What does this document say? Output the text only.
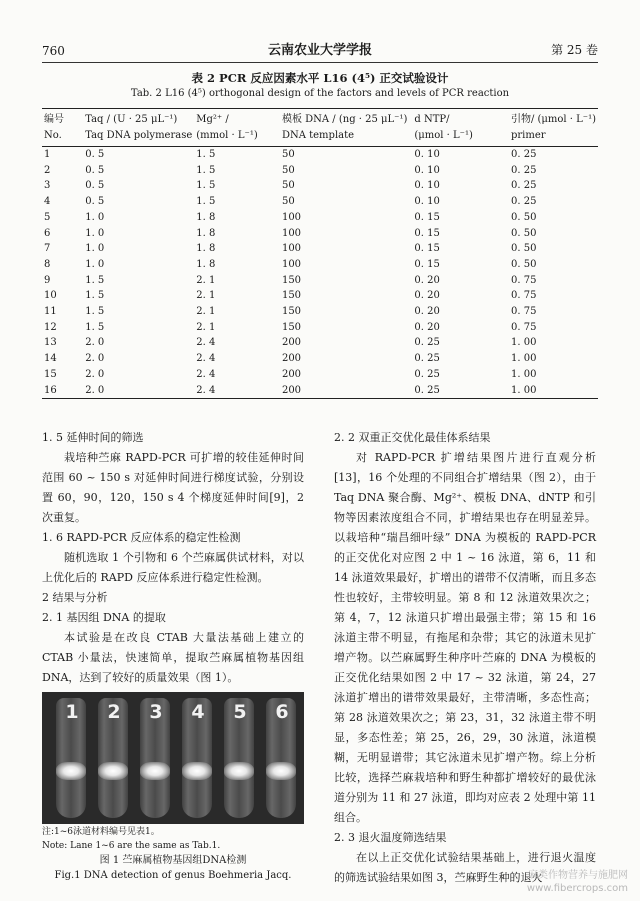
760	云南农业大学学报	第 25 卷
表 2 PCR 反应因素水平 L16 (4⁵) 正交试验设计
Tab. 2 L16 (4⁵) orthogonal design of the factors and levels of PCR reaction
编号	Taq / (U · 25 μL⁻¹)	Mg²⁺ /	模板 DNA / (ng · 25 μL⁻¹)	d NTP/	引物/ (μmol · L⁻¹)
No.	Taq DNA polymerase	(mmol · L⁻¹)	DNA template	(μmol · L⁻¹)	primer
1	0. 5	1. 5	50	0. 10	0. 25
2	0. 5	1. 5	50	0. 10	0. 25
3	0. 5	1. 5	50	0. 10	0. 25
4	0. 5	1. 5	50	0. 10	0. 25
5	1. 0	1. 8	100	0. 15	0. 50
6	1. 0	1. 8	100	0. 15	0. 50
7	1. 0	1. 8	100	0. 15	0. 50
8	1. 0	1. 8	100	0. 15	0. 50
9	1. 5	2. 1	150	0. 20	0. 75
10	1. 5	2. 1	150	0. 20	0. 75
11	1. 5	2. 1	150	0. 20	0. 75
12	1. 5	2. 1	150	0. 20	0. 75
13	2. 0	2. 4	200	0. 25	1. 00
14	2. 0	2. 4	200	0. 25	1. 00
15	2. 0	2. 4	200	0. 25	1. 00
16	2. 0	2. 4	200	0. 25	1. 00
1. 5 延伸时间的筛选

栽培种苎麻 RAPD-PCR 可扩增的较佳延伸时间范围 60 ~ 150 s 对延伸时间进行梯度试验，分别设置 60，90，120，150 s 4 个梯度延伸时间[9]，2 次重复。

1. 6 RAPD-PCR 反应体系的稳定性检测

随机选取 1 个引物和 6 个苎麻属供试材料，对以上优化后的 RAPD 反应体系进行稳定性检测。

2 结果与分析
2. 1 基因组 DNA 的提取

本试验是在改良 CTAB 大量法基础上建立的 CTAB 小量法，快速简单，提取苎麻属植物基因组 DNA，达到了较好的质量效果（图 1）。

1	2	3	4	5	6
注:1~6泳道材料编号见表1。
Note: Lane 1~6 are the same as Tab.1.
图 1 苎麻属植物基因组DNA检测
Fig.1 DNA detection of genus Boehmeria Jacq.
2. 2 双重正交优化最佳体系结果

对 RAPD-PCR 扩增结果图片进行直观分析[13]，16 个处理的不同组合扩增结果（图 2），由于 Taq DNA 聚合酶、Mg²⁺、模板 DNA、dNTP 和引物等因素浓度组合不同，扩增结果也存在明显差异。以栽培种“瑞昌细叶绿” DNA 为模板的 RAPD-PCR 的正交优化对应图 2 中 1 ~ 16 泳道，第 6，11 和 14 泳道效果最好，扩增出的谱带不仅清晰，而且多态性也较好，主带较明显。第 8 和 12 泳道效果次之；第 4，7，12 泳道只扩增出最强主带；第 15 和 16 泳道主带不明显，有拖尾和杂带；其它的泳道未见扩增产物。以苎麻属野生种序叶苎麻的 DNA 为模板的正交优化结果如图 2 中 17 ~ 32 泳道，第 24，27 泳道扩增出的谱带效果最好，主带清晰，多态性高；第 28 泳道效果次之；第 23，31，32 泳道主带不明显，多态性差；第 25，26，29，30 泳道，泳道模糊，无明显谱带；其它泳道未见扩增产物。综上分析比较，选择苎麻栽培种和野生种都扩增较好的最优泳道分别为 11 和 27 泳道，即均对应表 2 处理中第 11 组合。

2. 3 退火温度筛选结果

在以上正交优化试验结果基础上，进行退火温度的筛选试验结果如图 3，苎麻野生种的退火

麻类作物营养与施肥网
www.fibercrops.com
